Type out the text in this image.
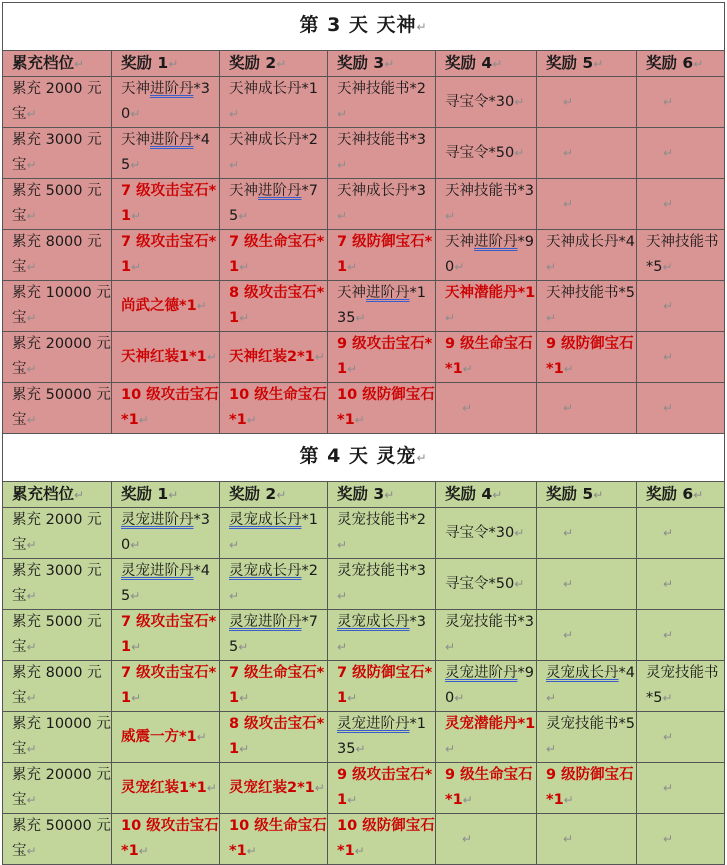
第 3 天 天神↵						
累充档位↵	奖励 1↵	奖励 2↵	奖励 3↵	奖励 4↵	奖励 5↵	奖励 6↵
累充 2000 元宝↵	天神进阶丹*30↵	天神成长丹*1↵	天神技能书*2↵	寻宝令*30↵	↵	↵
累充 3000 元宝↵	天神进阶丹*45↵	天神成长丹*2↵	天神技能书*3↵	寻宝令*50↵	↵	↵
累充 5000 元宝↵	7 级攻击宝石*1↵	天神进阶丹*75↵	天神成长丹*3↵	天神技能书*3↵	↵	↵
累充 8000 元宝↵	7 级攻击宝石*1↵	7 级生命宝石*1↵	7 级防御宝石*1↵	天神进阶丹*90↵	天神成长丹*4↵	天神技能书*5↵
累充 10000 元宝↵	尚武之德*1↵	8 级攻击宝石*1↵	天神进阶丹*135↵	天神潜能丹*1↵	天神技能书*5↵	↵
累充 20000 元宝↵	天神红装1*1↵	天神红装2*1↵	9 级攻击宝石*1↵	9 级生命宝石*1↵	9 级防御宝石*1↵	↵
累充 50000 元宝↵	10 级攻击宝石*1↵	10 级生命宝石*1↵	10 级防御宝石*1↵	↵	↵	↵
第 4 天 灵宠↵						
累充档位↵	奖励 1↵	奖励 2↵	奖励 3↵	奖励 4↵	奖励 5↵	奖励 6↵
累充 2000 元宝↵	灵宠进阶丹*30↵	灵宠成长丹*1↵	灵宠技能书*2↵	寻宝令*30↵	↵	↵
累充 3000 元宝↵	灵宠进阶丹*45↵	灵宠成长丹*2↵	灵宠技能书*3↵	寻宝令*50↵	↵	↵
累充 5000 元宝↵	7 级攻击宝石*1↵	灵宠进阶丹*75↵	灵宠成长丹*3↵	灵宠技能书*3↵	↵	↵
累充 8000 元宝↵	7 级攻击宝石*1↵	7 级生命宝石*1↵	7 级防御宝石*1↵	灵宠进阶丹*90↵	灵宠成长丹*4↵	灵宠技能书*5↵
累充 10000 元宝↵	威震一方*1↵	8 级攻击宝石*1↵	灵宠进阶丹*135↵	灵宠潜能丹*1↵	灵宠技能书*5↵	↵
累充 20000 元宝↵	灵宠红装1*1↵	灵宠红装2*1↵	9 级攻击宝石*1↵	9 级生命宝石*1↵	9 级防御宝石*1↵	↵
累充 50000 元宝↵	10 级攻击宝石*1↵	10 级生命宝石*1↵	10 级防御宝石*1↵	↵	↵	↵
